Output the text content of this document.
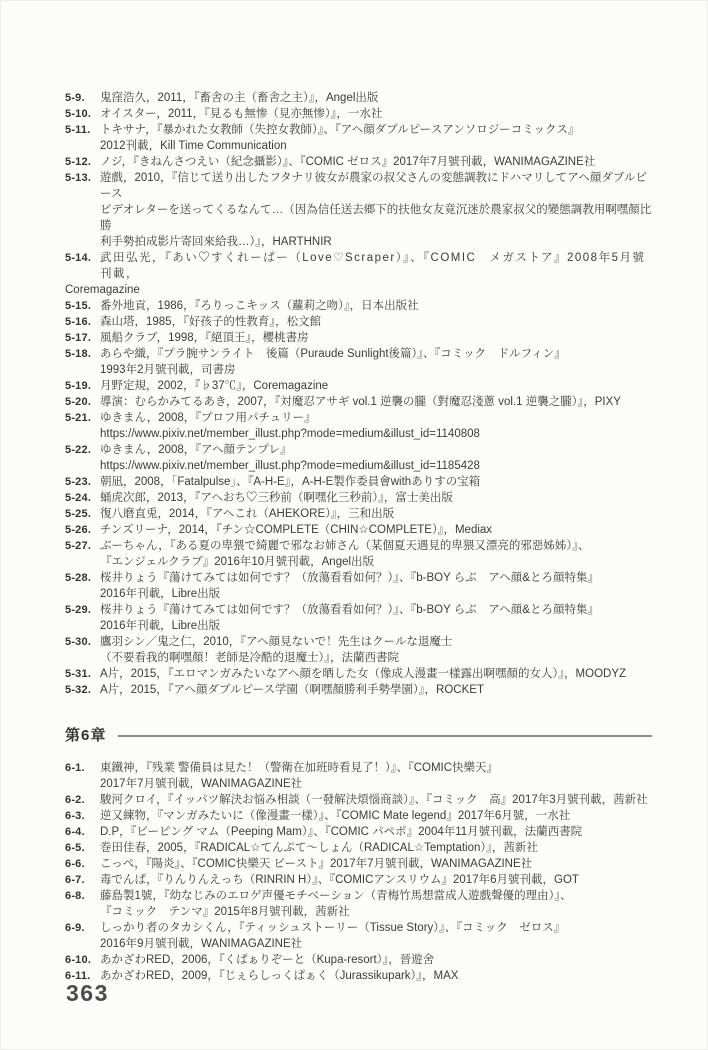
5-9.	鬼窪浩久，2011，『畜舎の主（畜舎之主）』，Angel出版
5-10. オイスター，2011，『見るも無惨（見亦無惨）』，一水社
5-11. トキサナ，『暴かれた女教師（失控女教師）』、『アヘ顔ダブルピースアンソロジーコミックス』
2012刊載，Kill Time Communication
5-12. ノジ，『きねんさつえい（紀念攝影）』、『COMIC ゼロス』2017年7月號刊載，WANIMAGAZINE社
5-13. 遊戲，2010，『信じて送り出したフタナリ彼女が農家の叔父さんの変態調教にドハマリしてアヘ顔ダブルピース
ビデオレターを送ってくるなんて…（因為信任送去鄉下的扶他女友竟沉迷於農家叔父的變態調教用啊嘿顏比勝
利手勢拍成影片寄回來給我…）』，HARTHNIR
5-14. 武田弘光，『あい♡すくれーぱー（Love♡Scraper）』、『COMIC　メガストア』2008年5月號刊載，
Coremagazine
5-15. 番外地貢，1986，『ろりっこキッス（蘿莉之吻）』，日本出版社
5-16. 森山塔，1985，『好孩子的性教育』，松文館
5-17. 風船クラブ，1998，『絕頂王』，櫻桃書房
5-18. あらや織，『プラ腕サンライト　後篇（Puraude Sunlight後篇）』、『コミック　ドルフィン』
1993年2月號刊載，司書房
5-19. 月野定規，2002，『♭37℃』，Coremagazine
5-20. 導演：むらかみてるあき，2007，『対魔忍アサギ vol.1 逆襲の朧（對魔忍淺蔥 vol.1 逆襲之朧）』，PIXY
5-21. ゆきまん，2008，『プロフ用パチュリー』
https://www.pixiv.net/member_illust.php?mode=medium&illust_id=1140808
5-22. ゆきまん，2008，『アヘ顔テンプレ』
https://www.pixiv.net/member_illust.php?mode=medium&illust_id=1185428
5-23. 朝凪，2008，「Fatalpulse」、『A-H-E』，A-H-E製作委員會withありすの宝箱
5-24. 蛹虎次郎，2013，『アヘおち♡三秒前（啊嘿化三秒前）』，富士美出版
5-25. 復八磨直兎，2014，『アヘこれ（AHEKORE）』，三和出版
5-26. チンズリーナ，2014，『チン☆COMPLETE（CHIN☆COMPLETE）』，Mediax
5-27. ぶーちゃん，『ある夏の卑猥で綺麗で邪なお姉さん（某個夏天遇見的卑猥又漂亮的邪惡姊姊）』、
『エンジェルクラブ』2016年10月號刊載，Angel出版
5-28. 桜井りょう『蕩けてみては如何です？（放蕩看看如何？）』、『b-BOY らぶ　アヘ顔&とろ顔特集』
2016年刊載，Libre出版
5-29. 桜井りょう『蕩けてみては如何です？（放蕩看看如何？）』、『b-BOY らぶ　アヘ顔&とろ顔特集』
2016年刊載，Libre出版
5-30. 鷹羽シン／鬼之仁，2010，『アヘ顔見ないで！先生はクールな退魔士
（不要看我的啊嘿顏！老師是冷酷的退魔士）』，法蘭西書院
5-31. A片，2015，『エロマンガみたいなアヘ顔を晒した女（像成人漫畫一樣露出啊嘿顏的女人）』，MOODYZ
5-32. A片，2015，『アヘ顔ダブルピース学園（啊嘿顏勝利手勢學園）』，ROCKET
第6章
6-1.	東鐵神，『残業 警備員は見た！（警衛在加班時看見了！）』、『COMIC快樂天』
2017年7月號刊載，WANIMAGAZINE社
6-2.	駿河クロイ，『イッパツ解決お悩み相談（一發解決煩惱商談）』、『コミック　高』2017年3月號刊載，茜新社
6-3.	逆又練物，『マンガみたいに（像漫畫一樣）』、『COMIC Mate legend』2017年6月號，一水社
6-4.	D.P，『ピーピング マム（Peeping Mam）』、『COMIC パペポ』2004年11月號刊載，法蘭西書院
6-5.	巻田佳春，2005，『RADICAL☆てんぷて～しょん（RADICAL☆Temptation）』，茜新社
6-6.	こっぺ，『陽炎』、『COMIC快樂天 ビースト』2017年7月號刊載，WANIMAGAZINE社
6-7.	毒でんぱ，『りんりんえっち（RINRIN H）』、『COMICアンスリウム』2017年6月號刊載，GOT
6-8.	藤島製1號，『幼なじみのエロゲ声優モチベーション（青梅竹馬想當成人遊戲聲優的理由）』、
『コミック　テンマ』2015年8月號刊載，茜新社
6-9.	しっかり者のタカシくん，『ティッシュストーリー（Tissue Story）』、『コミック　ゼロス』
2016年9月號刊載，WANIMAGAZINE社
6-10. あかざわRED，2006，『くぱぁりぞーと（Kupa-resort）』，晉遊舍
6-11. あかざわRED，2009，『じぇらしっくぱぁく（Jurassikupark）』，MAX
363
